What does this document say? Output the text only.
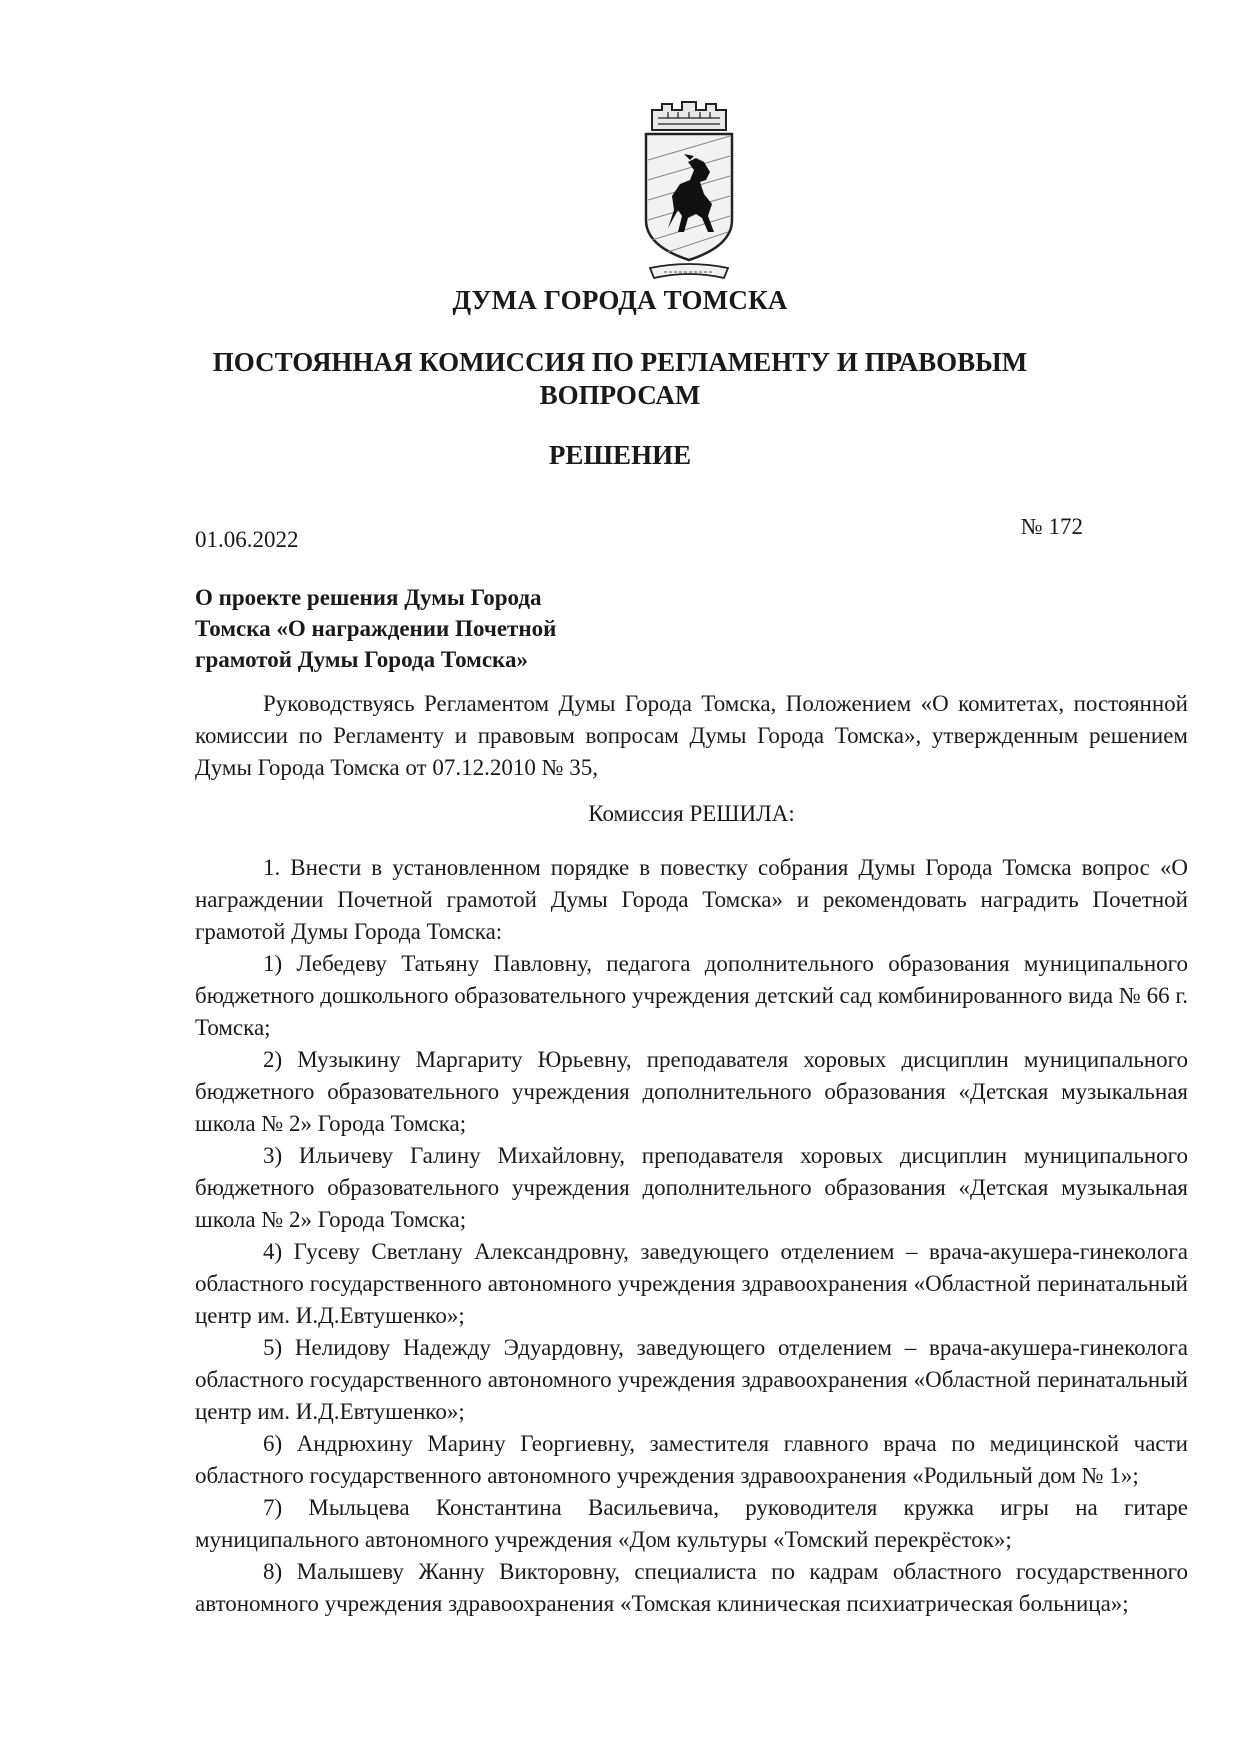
ДУМА ГОРОДА ТОМСКА
ПОСТОЯННАЯ КОМИССИЯ ПО РЕГЛАМЕНТУ И ПРАВОВЫМ ВОПРОСАМ
РЕШЕНИЕ
01.06.2022
№ 172
О проекте решения Думы Города
Томска «О награждении Почетной
грамотой Думы Города Томска»

Руководствуясь Регламентом Думы Города Томска, Положением «О комитетах, постоянной комиссии по Регламенту и правовым вопросам Думы Города Томска», утвержденным решением Думы Города Томска от 07.12.2010 № 35,

Комиссия РЕШИЛА:

1. Внести в установленном порядке в повестку собрания Думы Города Томска вопрос «О награждении Почетной грамотой Думы Города Томска» и рекомендовать наградить Почетной грамотой Думы Города Томска:

1) Лебедеву Татьяну Павловну, педагога дополнительного образования муниципального бюджетного дошкольного образовательного учреждения детский сад комбинированного вида № 66 г. Томска;

2) Музыкину Маргариту Юрьевну, преподавателя хоровых дисциплин муниципального бюджетного образовательного учреждения дополнительного образования «Детская музыкальная школа № 2» Города Томска;

3) Ильичеву Галину Михайловну, преподавателя хоровых дисциплин муниципального бюджетного образовательного учреждения дополнительного образования «Детская музыкальная школа № 2» Города Томска;

4) Гусеву Светлану Александровну, заведующего отделением – врача-акушера-гинеколога областного государственного автономного учреждения здравоохранения «Областной перинатальный центр им. И.Д.Евтушенко»;

5) Нелидову Надежду Эдуардовну, заведующего отделением – врача-акушера-гинеколога областного государственного автономного учреждения здравоохранения «Областной перинатальный центр им. И.Д.Евтушенко»;

6) Андрюхину Марину Георгиевну, заместителя главного врача по медицинской части областного государственного автономного учреждения здравоохранения «Родильный дом № 1»;

7) Мыльцева Константина Васильевича, руководителя кружка игры на гитаре муниципального автономного учреждения «Дом культуры «Томский перекрёсток»;

8) Малышеву Жанну Викторовну, специалиста по кадрам областного государственного автономного учреждения здравоохранения «Томская клиническая психиатрическая больница»;
